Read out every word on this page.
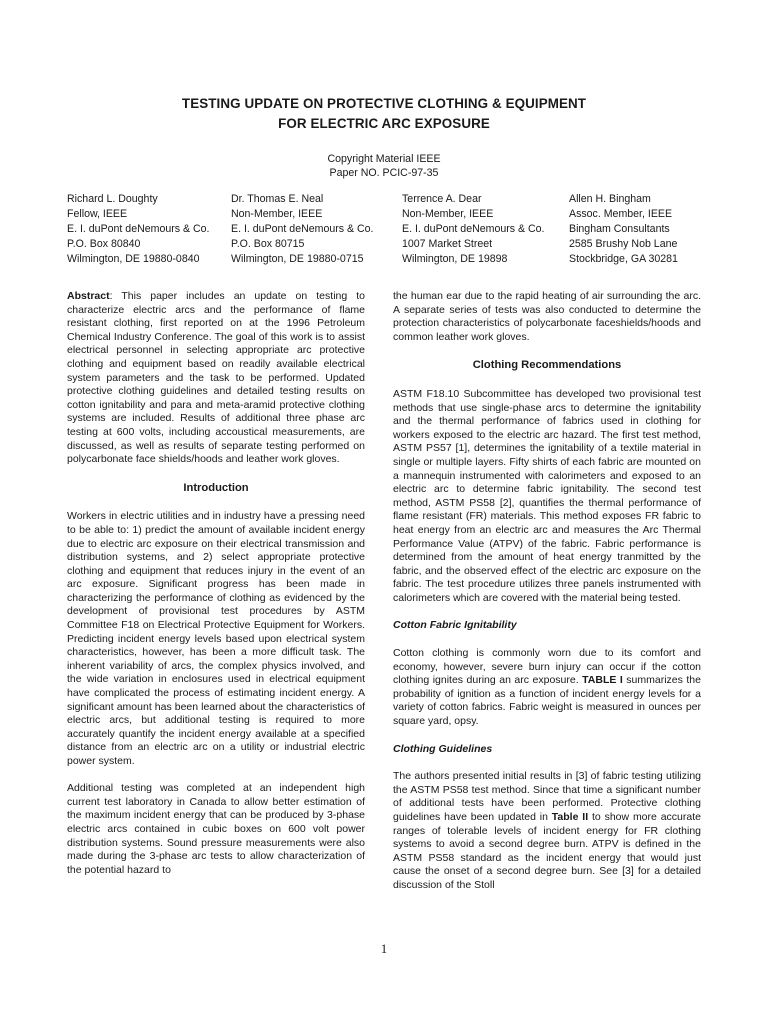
TESTING UPDATE ON PROTECTIVE CLOTHING & EQUIPMENT
FOR ELECTRIC ARC EXPOSURE
Copyright Material IEEE
Paper NO. PCIC-97-35
Richard L. Doughty
Fellow, IEEE
E. I. duPont deNemours & Co.
P.O. Box 80840
Wilmington, DE 19880-0840
Dr. Thomas E. Neal
Non-Member, IEEE
E. I. duPont deNemours & Co.
P.O. Box 80715
Wilmington, DE 19880-0715
Terrence A. Dear
Non-Member, IEEE
E. I. duPont deNemours & Co.
1007 Market Street
Wilmington, DE 19898
Allen H. Bingham
Assoc. Member, IEEE
Bingham Consultants
2585 Brushy Nob Lane
Stockbridge, GA 30281

Abstract: This paper includes an update on testing to characterize electric arcs and the performance of flame resistant clothing, first reported on at the 1996 Petroleum Chemical Industry Conference. The goal of this work is to assist electrical personnel in selecting appropriate arc protective clothing and equipment based on readily available electrical system parameters and the task to be performed. Updated protective clothing guidelines and detailed testing results on cotton ignitability and para and meta-aramid protective clothing systems are included. Results of additional three phase arc testing at 600 volts, including accoustical measurements, are discussed, as well as results of separate testing performed on polycarbonate face shields/hoods and leather work gloves.

Introduction

Workers in electric utilities and in industry have a pressing need to be able to: 1) predict the amount of available incident energy due to electric arc exposure on their electrical transmission and distribution systems, and 2) select appropriate protective clothing and equipment that reduces injury in the event of an arc exposure. Significant progress has been made in characterizing the performance of clothing as evidenced by the development of provisional test procedures by ASTM Committee F18 on Electrical Protective Equipment for Workers. Predicting incident energy levels based upon electrical system characteristics, however, has been a more difficult task. The inherent variability of arcs, the complex physics involved, and the wide variation in enclosures used in electrical equipment have complicated the process of estimating incident energy. A significant amount has been learned about the characteristics of electric arcs, but additional testing is required to more accurately quantify the incident energy available at a specified distance from an electric arc on a utility or industrial electric power system.

Additional testing was completed at an independent high current test laboratory in Canada to allow better estimation of the maximum incident energy that can be produced by 3-phase electric arcs contained in cubic boxes on 600 volt power distribution systems. Sound pressure measurements were also made during the 3-phase arc tests to allow characterization of the potential hazard to

the human ear due to the rapid heating of air surrounding the arc. A separate series of tests was also conducted to determine the protection characteristics of polycarbonate faceshields/hoods and common leather work gloves.

Clothing Recommendations

ASTM F18.10 Subcommittee has developed two provisional test methods that use single-phase arcs to determine the ignitability and the thermal performance of fabrics used in clothing for workers exposed to the electric arc hazard. The first test method, ASTM PS57 [1], determines the ignitability of a textile material in single or multiple layers. Fifty shirts of each fabric are mounted on a mannequin instrumented with calorimeters and exposed to an electric arc to determine fabric ignitability. The second test method, ASTM PS58 [2], quantifies the thermal performance of flame resistant (FR) materials. This method exposes FR fabric to heat energy from an electric arc and measures the Arc Thermal Performance Value (ATPV) of the fabric. Fabric performance is determined from the amount of heat energy tranmitted by the fabric, and the observed effect of the electric arc exposure on the fabric. The test procedure utilizes three panels instrumented with calorimeters which are covered with the material being tested.

Cotton Fabric Ignitability

Cotton clothing is commonly worn due to its comfort and economy, however, severe burn injury can occur if the cotton clothing ignites during an arc exposure. TABLE I summarizes the probability of ignition as a function of incident energy levels for a variety of cotton fabrics. Fabric weight is measured in ounces per square yard, opsy.

Clothing Guidelines

The authors presented initial results in [3] of fabric testing utilizing the ASTM PS58 test method. Since that time a significant number of additional tests have been performed. Protective clothing guidelines have been updated in Table II to show more accurate ranges of tolerable levels of incident energy for FR clothing systems to avoid a second degree burn. ATPV is defined in the ASTM PS58 standard as the incident energy that would just cause the onset of a second degree burn. See [3] for a detailed discussion of the Stoll

1
